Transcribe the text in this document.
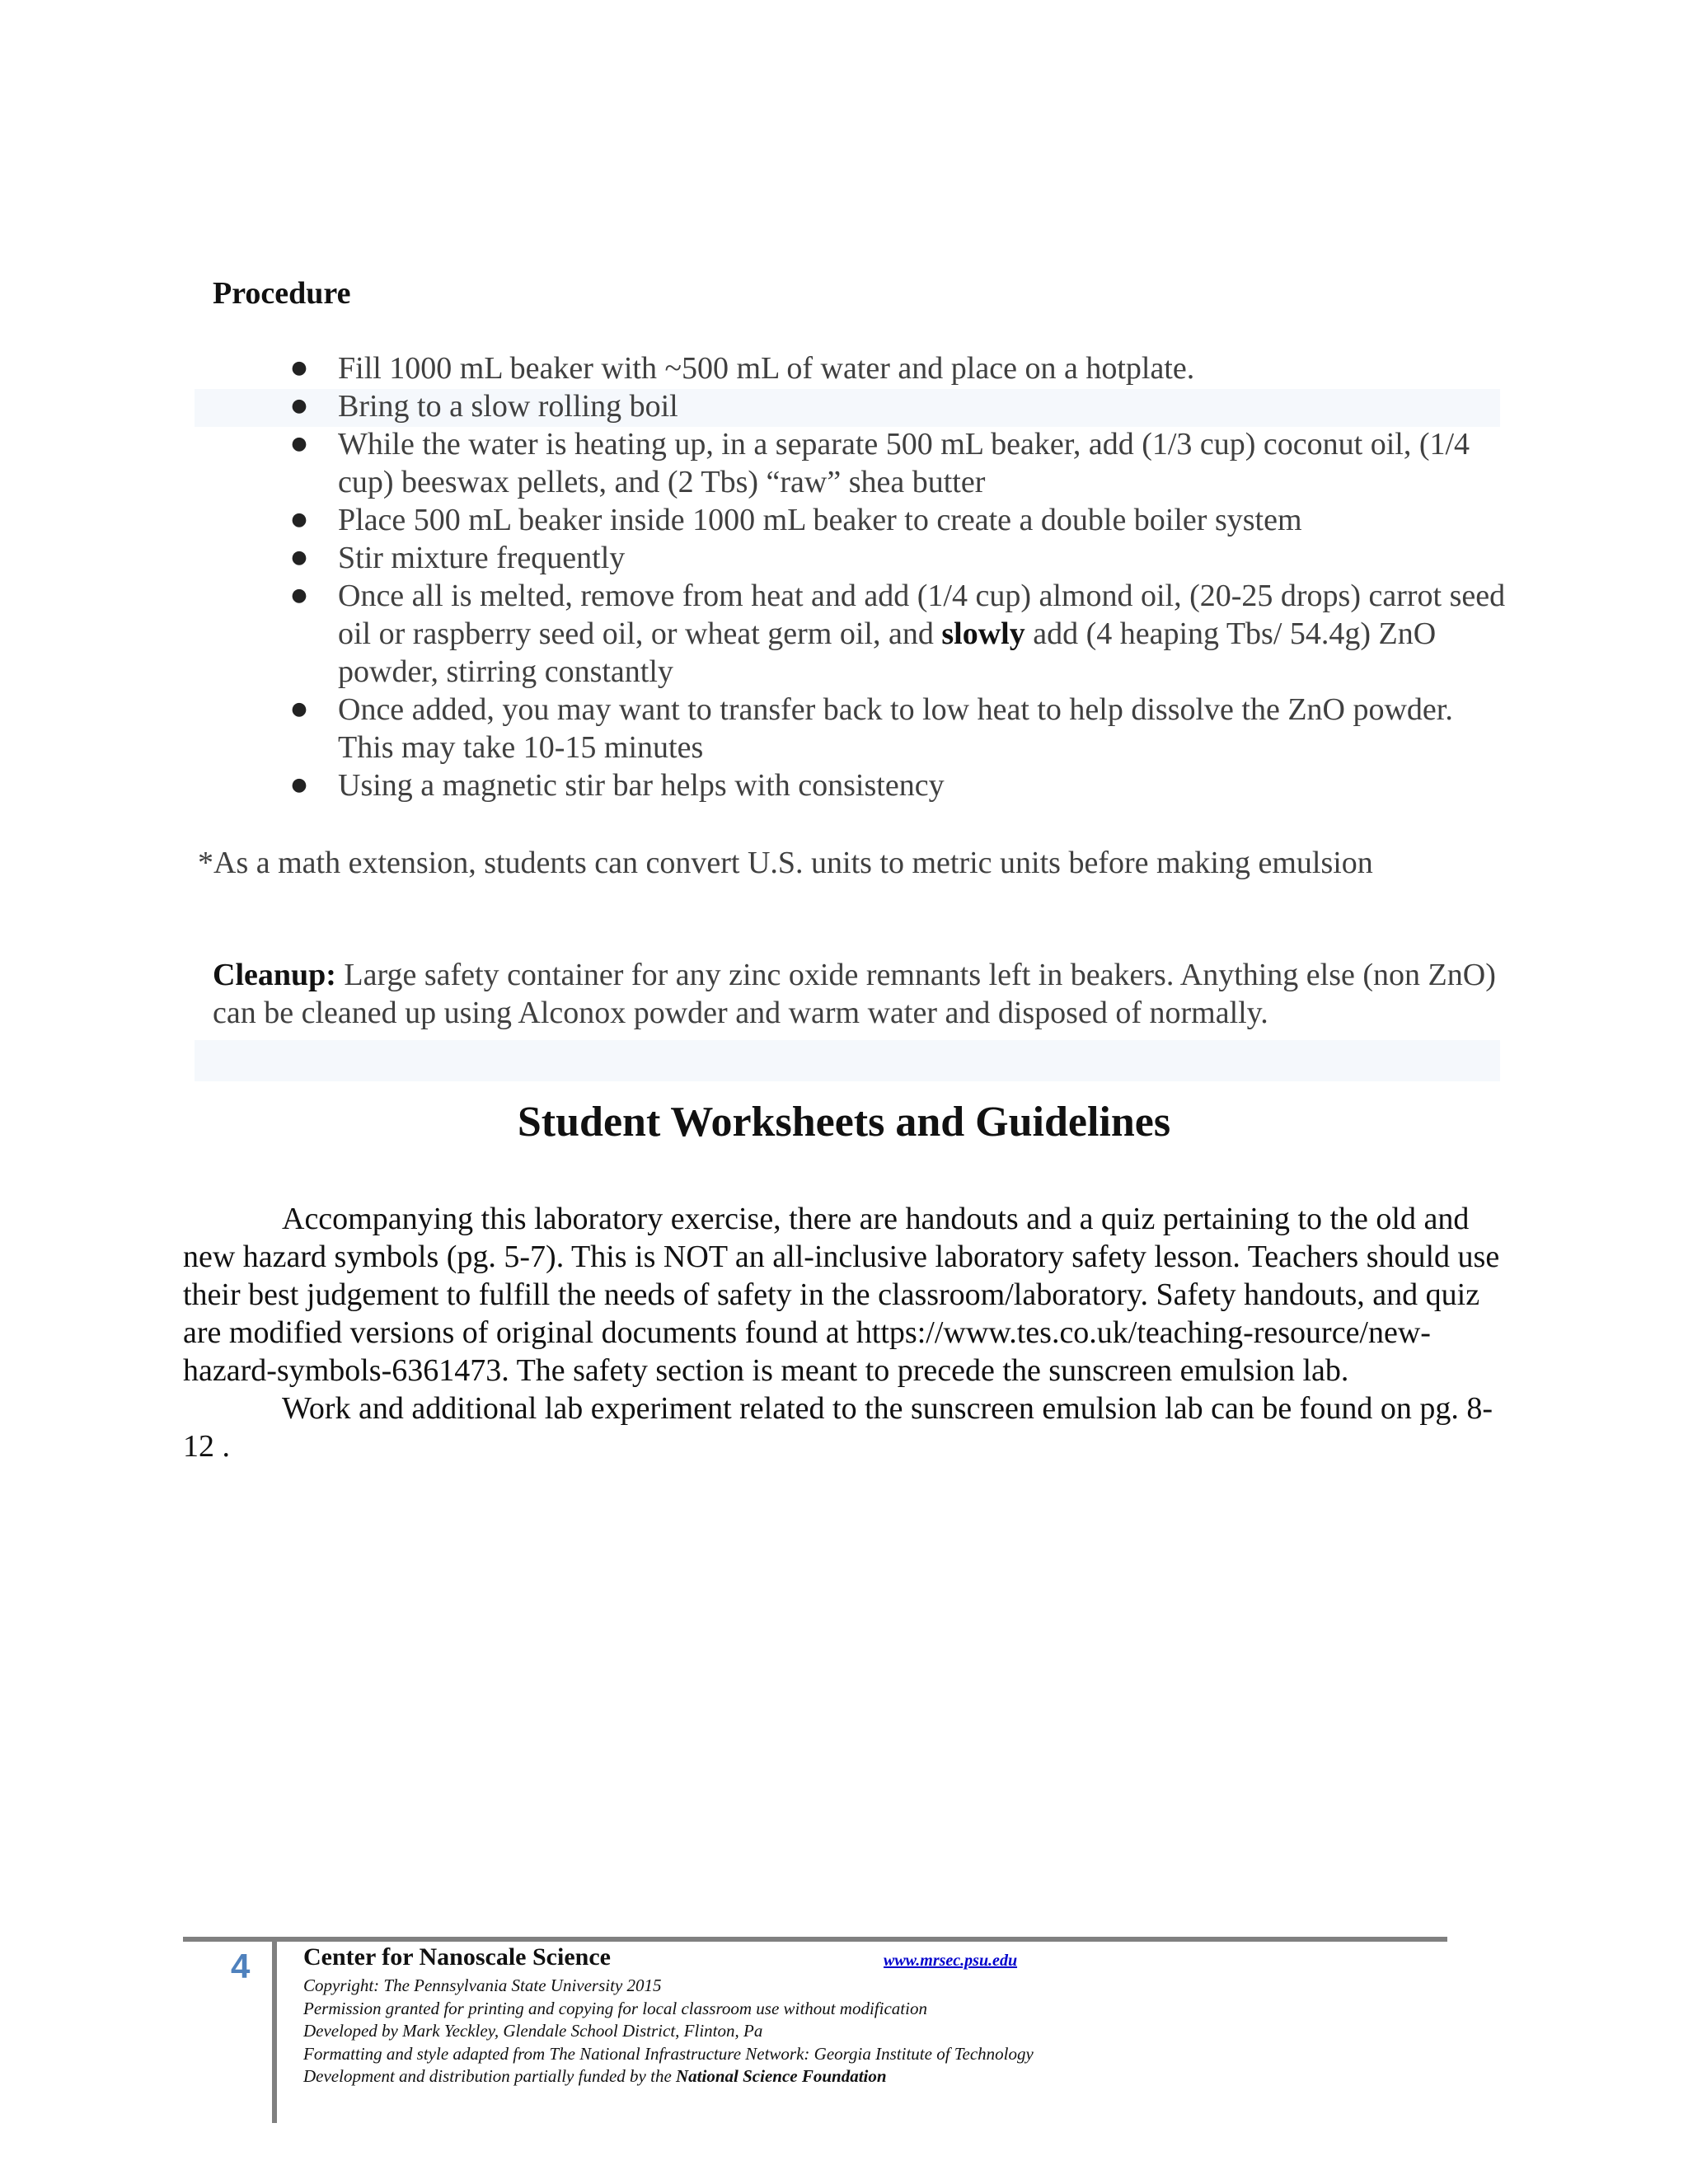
Procedure
● Fill 1000 mL beaker with ~500 mL of water and place on a hotplate.
● Bring to a slow rolling boil
● While the water is heating up, in a separate 500 mL beaker, add (1/3 cup) coconut oil, (1/4 cup) beeswax pellets, and (2 Tbs) “raw” shea butter
● Place 500 mL beaker inside 1000 mL beaker to create a double boiler system
● Stir mixture frequently
● Once all is melted, remove from heat and add (1/4 cup) almond oil, (20-25 drops) carrot seed oil or raspberry seed oil, or wheat germ oil, and slowly add (4 heaping Tbs/ 54.4g) ZnO powder, stirring constantly
● Once added, you may want to transfer back to low heat to help dissolve the ZnO powder. This may take 10-15 minutes
● Using a magnetic stir bar helps with consistency
*As a math extension, students can convert U.S. units to metric units before making emulsion
Cleanup: Large safety container for any zinc oxide remnants left in beakers. Anything else (non ZnO) can be cleaned up using Alconox powder and warm water and disposed of normally.
Student Worksheets and Guidelines

Accompanying this laboratory exercise, there are handouts and a quiz pertaining to the old and new hazard symbols (pg. 5-7). This is NOT an all-inclusive laboratory safety lesson. Teachers should use their best judgement to fulfill the needs of safety in the classroom/laboratory. Safety handouts, and quiz are modified versions of original documents found at https://www.tes.co.uk/teaching-resource/new-hazard-symbols-6361473. The safety section is meant to precede the sunscreen emulsion lab.

Work and additional lab experiment related to the sunscreen emulsion lab can be found on pg. 8-12 .

4 Center for Nanoscale Science	www.mrsec.psu.edu
Copyright: The Pennsylvania State University 2015
Permission granted for printing and copying for local classroom use without modification
Developed by Mark Yeckley, Glendale School District, Flinton, Pa
Formatting and style adapted from The National Infrastructure Network: Georgia Institute of Technology
Development and distribution partially funded by the National Science Foundation
